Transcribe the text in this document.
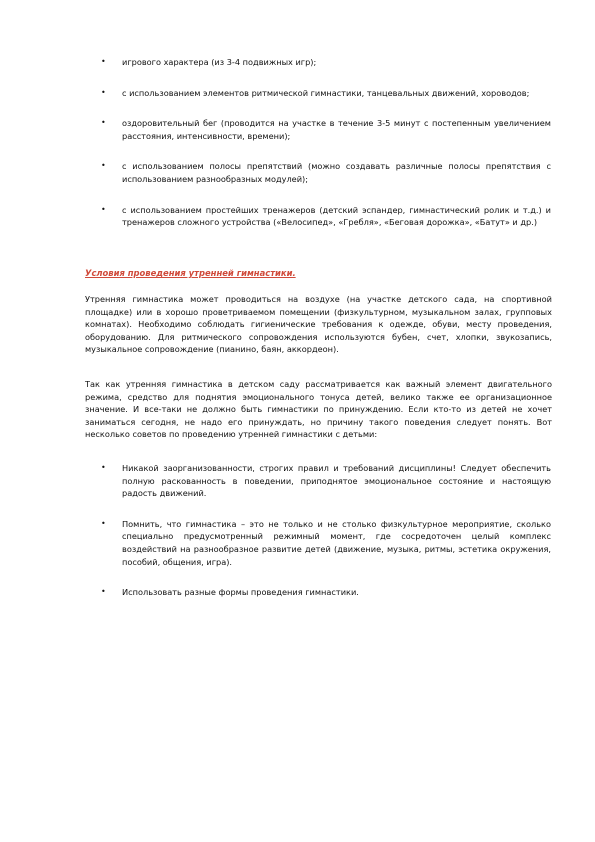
• игрового характера (из 3-4 подвижных игр);

• с использованием элементов ритмической гимнастики, танцевальных движений, хороводов;

• оздоровительный бег (проводится на участке в течение 3-5 минут с постепенным увеличением расстояния, интенсивности, времени);

• с использованием полосы препятствий (можно создавать различные полосы препятствия с использованием разнообразных модулей);

• с использованием простейших тренажеров (детский эспандер, гимнастический ролик и т.д.) и тренажеров сложного устройства («Велосипед», «Гребля», «Беговая дорожка», «Батут» и др.)

Условия проведения утренней гимнастики.

Утренняя гимнастика может проводиться на воздухе (на участке детского сада, на спортивной площадке) или в хорошо проветриваемом помещении (физкультурном, музыкальном залах, групповых комнатах). Необходимо соблюдать гигиенические требования к одежде, обуви, месту проведения, оборудованию. Для ритмического сопровождения используются бубен, счет, хлопки, звукозапись, музыкальное сопровождение (пианино, баян, аккордеон).

Так как утренняя гимнастика в детском саду рассматривается как важный элемент двигательного режима, средство для поднятия эмоционального тонуса детей, велико также ее организационное значение. И все-таки не должно быть гимнастики по принуждению. Если кто-то из детей не хочет заниматься сегодня, не надо его принуждать, но причину такого поведения следует понять. Вот несколько советов по проведению утренней гимнастики с детьми:

• Никакой заорганизованности, строгих правил и требований дисциплины! Следует обеспечить полную раскованность в поведении, приподнятое эмоциональное состояние и настоящую радость движений.

• Помнить, что гимнастика – это не только и не столько физкультурное мероприятие, сколько специально предусмотренный режимный момент, где сосредоточен целый комплекс воздействий на разнообразное развитие детей (движение, музыка, ритмы, эстетика окружения, пособий, общения, игра).

• Использовать разные формы проведения гимнастики.
